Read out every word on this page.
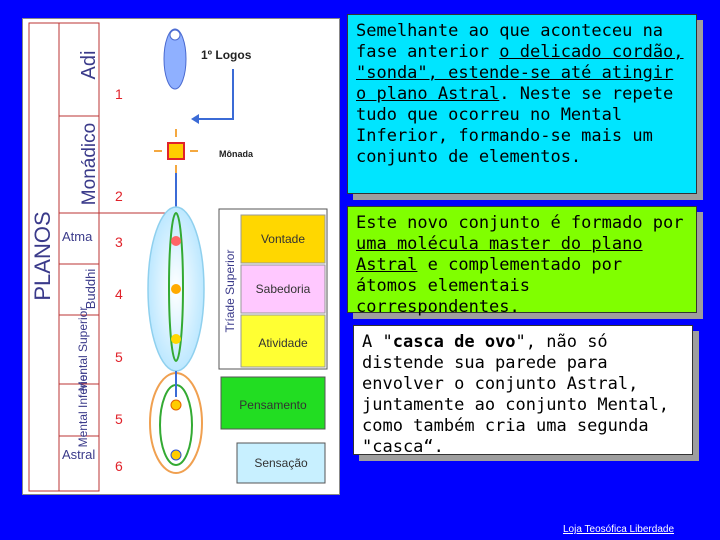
PLANOS
Adi
Monádico
Atma
Buddhi
Mental Superior
Mental Inferior
Astral
1
2
3
4
5
5
6
1º Logos
Mônada
Tríade Superior
Vontade
Sabedoria
Atividade
Pensamento
Sensação
Semelhante ao que aconteceu na fase anterior o delicado cordão, "sonda", estende-se até atingir o plano Astral. Neste se repete tudo que ocorreu no Mental Inferior, formando-se mais um conjunto de elementos.
Este novo conjunto é formado por uma molécula master do plano Astral e complementado por átomos elementais correspondentes.
A "casca de ovo", não só distende sua parede para envolver o conjunto Astral, juntamente ao conjunto Mental, como também cria uma segunda "casca“.
Loja Teosófica Liberdade
